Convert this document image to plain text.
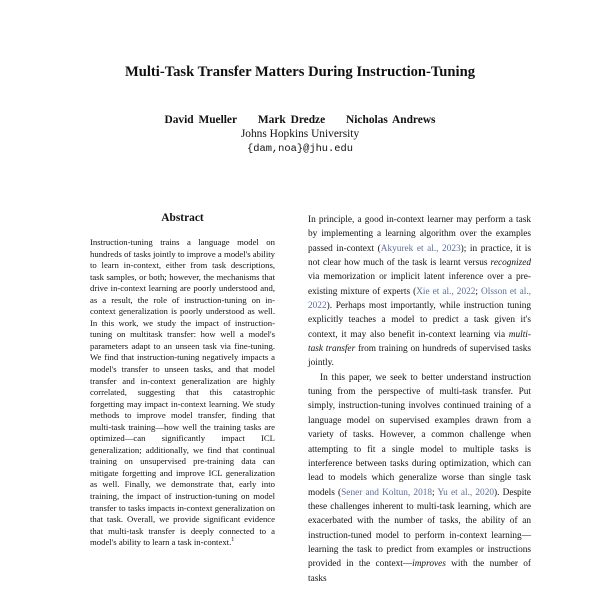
Multi-Task Transfer Matters During Instruction-Tuning
David Mueller Mark Dredze Nicholas Andrews
Johns Hopkins University
{dam,noa}@jhu.edu
Abstract
Instruction-tuning trains a language model on hundreds of tasks jointly to improve a model's ability to learn in-context, either from task descriptions, task samples, or both; however, the mechanisms that drive in-context learning are poorly understood and, as a result, the role of instruction-tuning on in-context generalization is poorly understood as well. In this work, we study the impact of instruction-tuning on multitask transfer: how well a model's parameters adapt to an unseen task via fine-tuning. We find that instruction-tuning negatively impacts a model's transfer to unseen tasks, and that model transfer and in-context generalization are highly correlated, suggesting that this catastrophic forgetting may impact in-context learning. We study methods to improve model transfer, finding that multi-task training—how well the training tasks are optimized—can significantly impact ICL generalization; additionally, we find that continual training on unsupervised pre-training data can mitigate forgetting and improve ICL generalization as well. Finally, we demonstrate that, early into training, the impact of instruction-tuning on model transfer to tasks impacts in-context generalization on that task. Overall, we provide significant evidence that multi-task transfer is deeply connected to a model's ability to learn a task in-context.$^1$

In principle, a good in-context learner may perform a task by implementing a learning algorithm over the examples passed in-context (Akyurek et al., 2023); in practice, it is not clear how much of the task is learnt versus recognized via memorization or implicit latent inference over a pre-existing mixture of experts (Xie et al., 2022; Olsson et al., 2022). Perhaps most importantly, while instruction tuning explicitly teaches a model to predict a task given it's context, it may also benefit in-context learning via multi-task transfer from training on hundreds of supervised tasks jointly.

In this paper, we seek to better understand instruction tuning from the perspective of multi-task transfer. Put simply, instruction-tuning involves continued training of a language model on supervised examples drawn from a variety of tasks. However, a common challenge when attempting to fit a single model to multiple tasks is interference between tasks during optimization, which can lead to models which generalize worse than single task models (Sener and Koltun, 2018; Yu et al., 2020). Despite these challenges inherent to multi-task learning, which are exacerbated with the number of tasks, the ability of an instruction-tuned model to perform in-context learning—learning the task to predict from examples or instructions provided in the context—improves with the number of tasks
